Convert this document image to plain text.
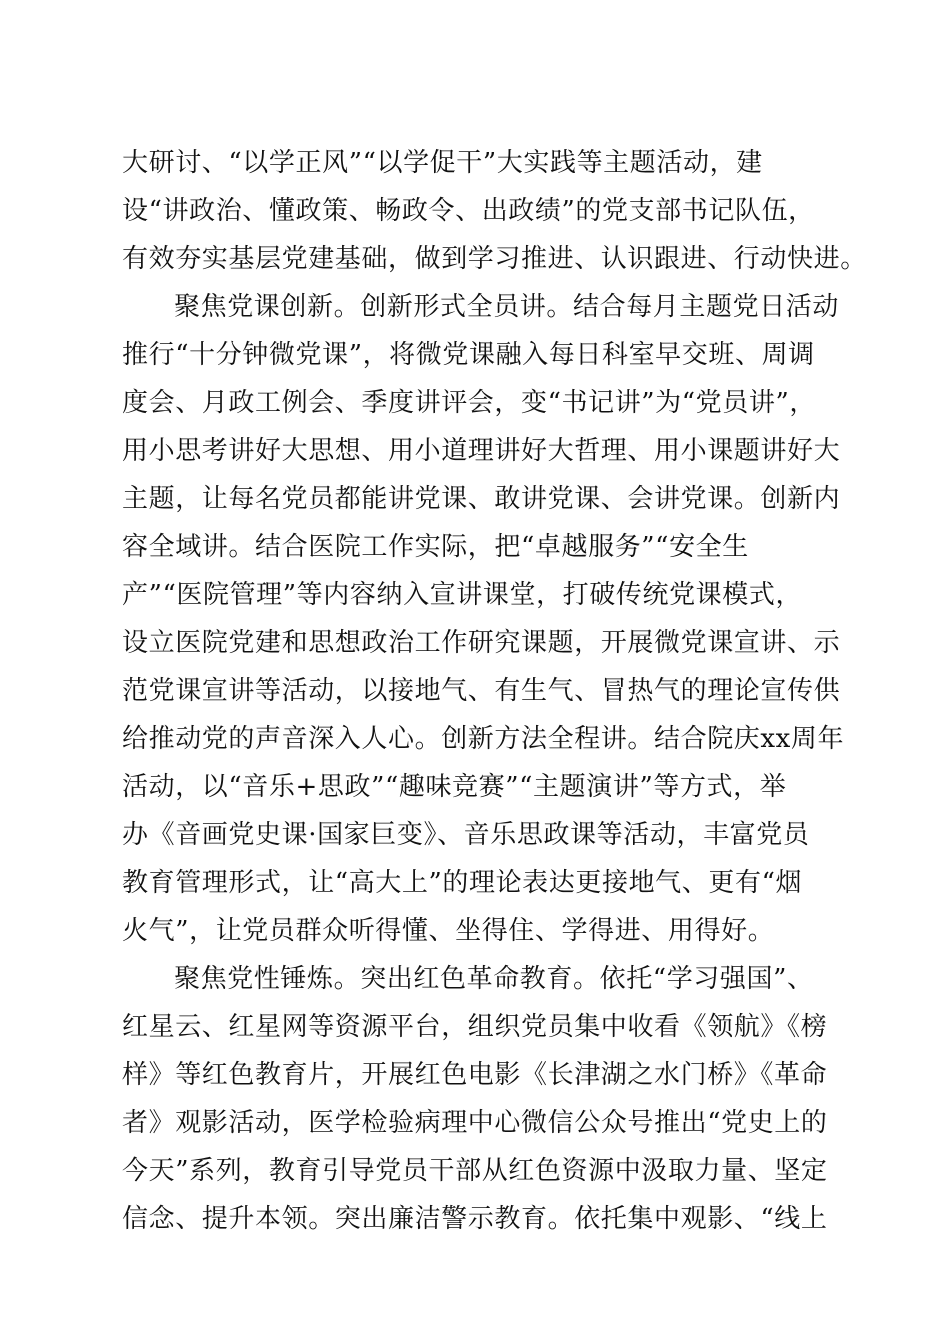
大研讨、“以学正风”“以学促干”大实践等主题活动，建
设“讲政治、懂政策、畅政令、出政绩”的党支部书记队伍，
有效夯实基层党建基础，做到学习推进、认识跟进、行动快进。
聚焦党课创新。创新形式全员讲。结合每月主题党日活动
推行“十分钟微党课”，将微党课融入每日科室早交班、周调
度会、月政工例会、季度讲评会，变“书记讲”为“党员讲”，
用小思考讲好大思想、用小道理讲好大哲理、用小课题讲好大
主题，让每名党员都能讲党课、敢讲党课、会讲党课。创新内
容全域讲。结合医院工作实际，把“卓越服务”“安全生
产”“医院管理”等内容纳入宣讲课堂，打破传统党课模式，
设立医院党建和思想政治工作研究课题，开展微党课宣讲、示
范党课宣讲等活动，以接地气、有生气、冒热气的理论宣传供
给推动党的声音深入人心。创新方法全程讲。结合院庆xx周年
活动，以“音乐+思政”“趣味竞赛”“主题演讲”等方式，举
办《音画党史课·国家巨变》、音乐思政课等活动，丰富党员
教育管理形式，让“高大上”的理论表达更接地气、更有“烟
火气”，让党员群众听得懂、坐得住、学得进、用得好。
聚焦党性锤炼。突出红色革命教育。依托“学习强国”、
红星云、红星网等资源平台，组织党员集中收看《领航》《榜
样》等红色教育片，开展红色电影《长津湖之水门桥》《革命
者》观影活动，医学检验病理中心微信公众号推出“党史上的
今天”系列，教育引导党员干部从红色资源中汲取力量、坚定
信念、提升本领。突出廉洁警示教育。依托集中观影、“线上
